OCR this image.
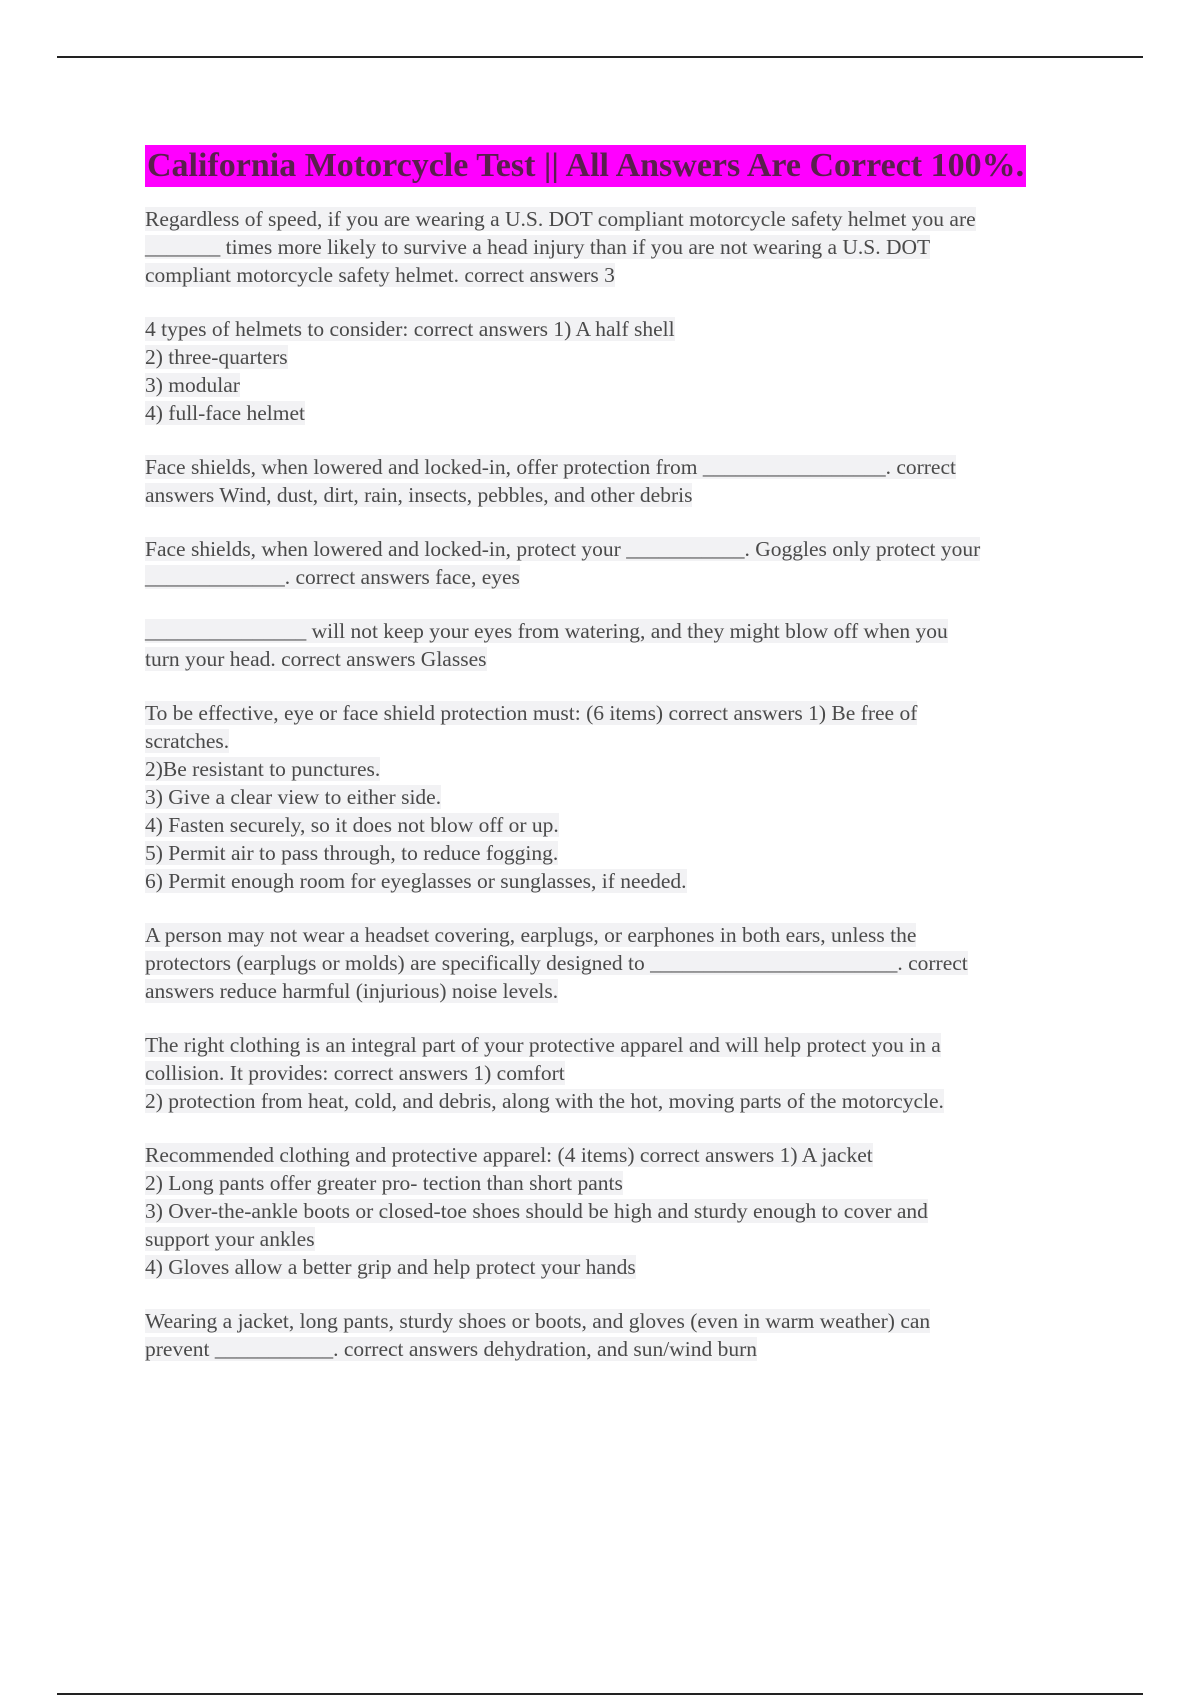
California Motorcycle Test || All Answers Are Correct 100%.
Regardless of speed, if you are wearing a U.S. DOT compliant motorcycle safety helmet you are
_______ times more likely to survive a head injury than if you are not wearing a U.S. DOT
compliant motorcycle safety helmet. correct answers 3
4 types of helmets to consider: correct answers 1) A half shell
2) three-quarters
3) modular
4) full-face helmet
Face shields, when lowered and locked-in, offer protection from _________________. correct
answers Wind, dust, dirt, rain, insects, pebbles, and other debris
Face shields, when lowered and locked-in, protect your ___________. Goggles only protect your
_____________. correct answers face, eyes
_______________ will not keep your eyes from watering, and they might blow off when you
turn your head. correct answers Glasses
To be effective, eye or face shield protection must: (6 items) correct answers 1) Be free of
scratches.
2)Be resistant to punctures.
3) Give a clear view to either side.
4) Fasten securely, so it does not blow off or up.
5) Permit air to pass through, to reduce fogging.
6) Permit enough room for eyeglasses or sunglasses, if needed.
A person may not wear a headset covering, earplugs, or earphones in both ears, unless the
protectors (earplugs or molds) are specifically designed to _______________________. correct
answers reduce harmful (injurious) noise levels.
The right clothing is an integral part of your protective apparel and will help protect you in a
collision. It provides: correct answers 1) comfort
2) protection from heat, cold, and debris, along with the hot, moving parts of the motorcycle.
Recommended clothing and protective apparel: (4 items) correct answers 1) A jacket
2) Long pants offer greater pro- tection than short pants
3) Over-the-ankle boots or closed-toe shoes should be high and sturdy enough to cover and
support your ankles
4) Gloves allow a better grip and help protect your hands
Wearing a jacket, long pants, sturdy shoes or boots, and gloves (even in warm weather) can
prevent ___________. correct answers dehydration, and sun/wind burn
